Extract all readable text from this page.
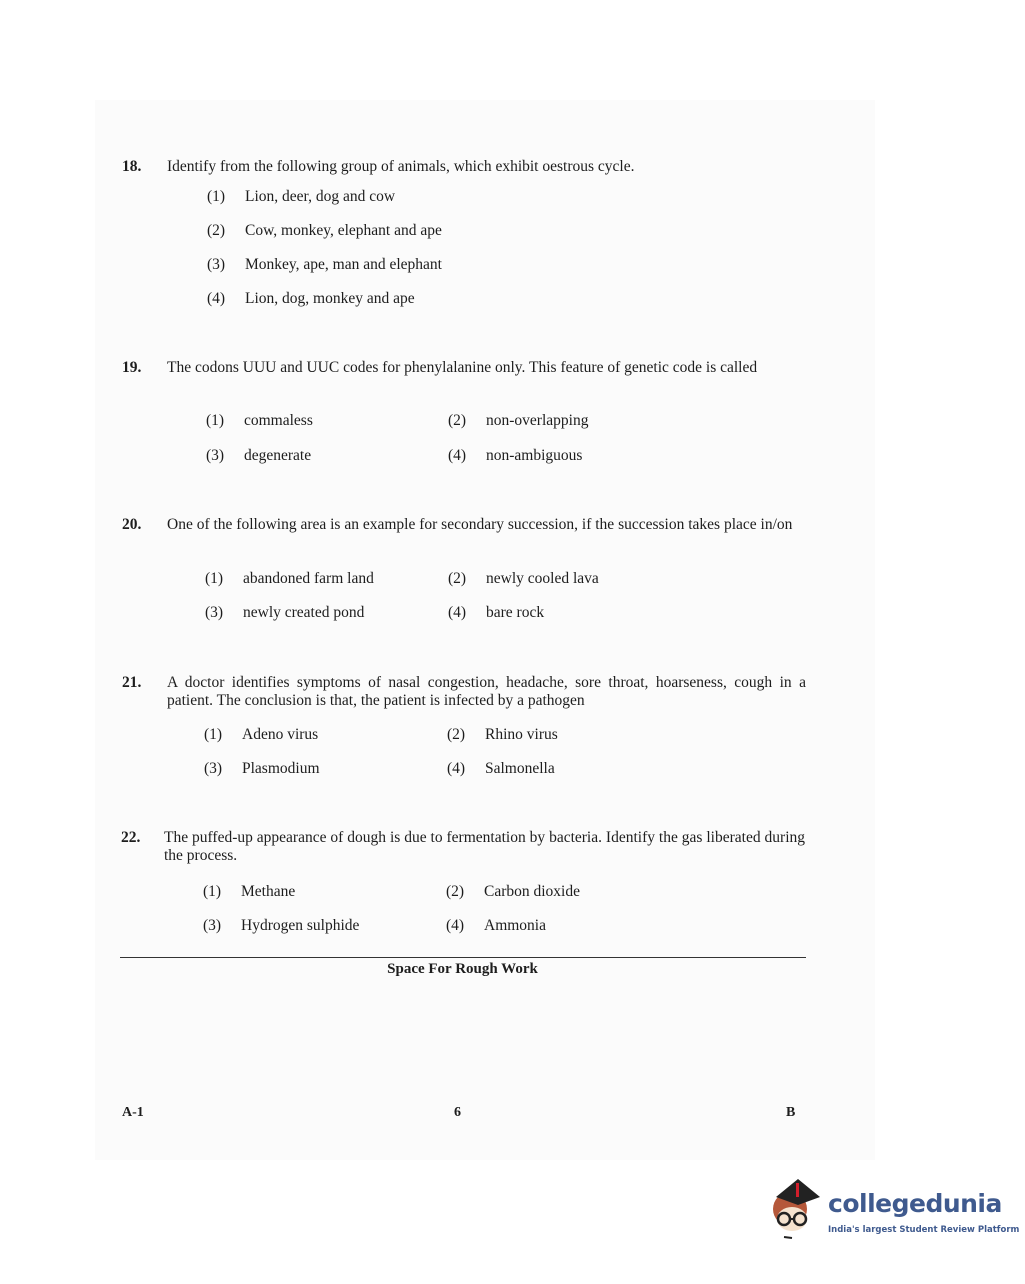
18. Identify from the following group of animals, which exhibit oestrous cycle.
(1) Lion, deer, dog and cow
(2) Cow, monkey, elephant and ape
(3) Monkey, ape, man and elephant
(4) Lion, dog, monkey and ape
19. The codons UUU and UUC codes for phenylalanine only. This feature of genetic code is called
(1) commaless	(2) non-overlapping
(3) degenerate	(4) non-ambiguous
20. One of the following area is an example for secondary succession, if the succession takes place in/on
(1) abandoned farm land	(2) newly cooled lava
(3) newly created pond	(4) bare rock
21. A doctor identifies symptoms of nasal congestion, headache, sore throat, hoarseness, cough in a patient. The conclusion is that, the patient is infected by a pathogen
(1) Adeno virus	(2) Rhino virus
(3) Plasmodium	(4) Salmonella
22. The puffed-up appearance of dough is due to fermentation by bacteria. Identify the gas liberated during the process.
(1) Methane	(2) Carbon dioxide
(3) Hydrogen sulphide	(4) Ammonia
Space For Rough Work
A-1	6	B
collegedunia
India's largest Student Review Platform
